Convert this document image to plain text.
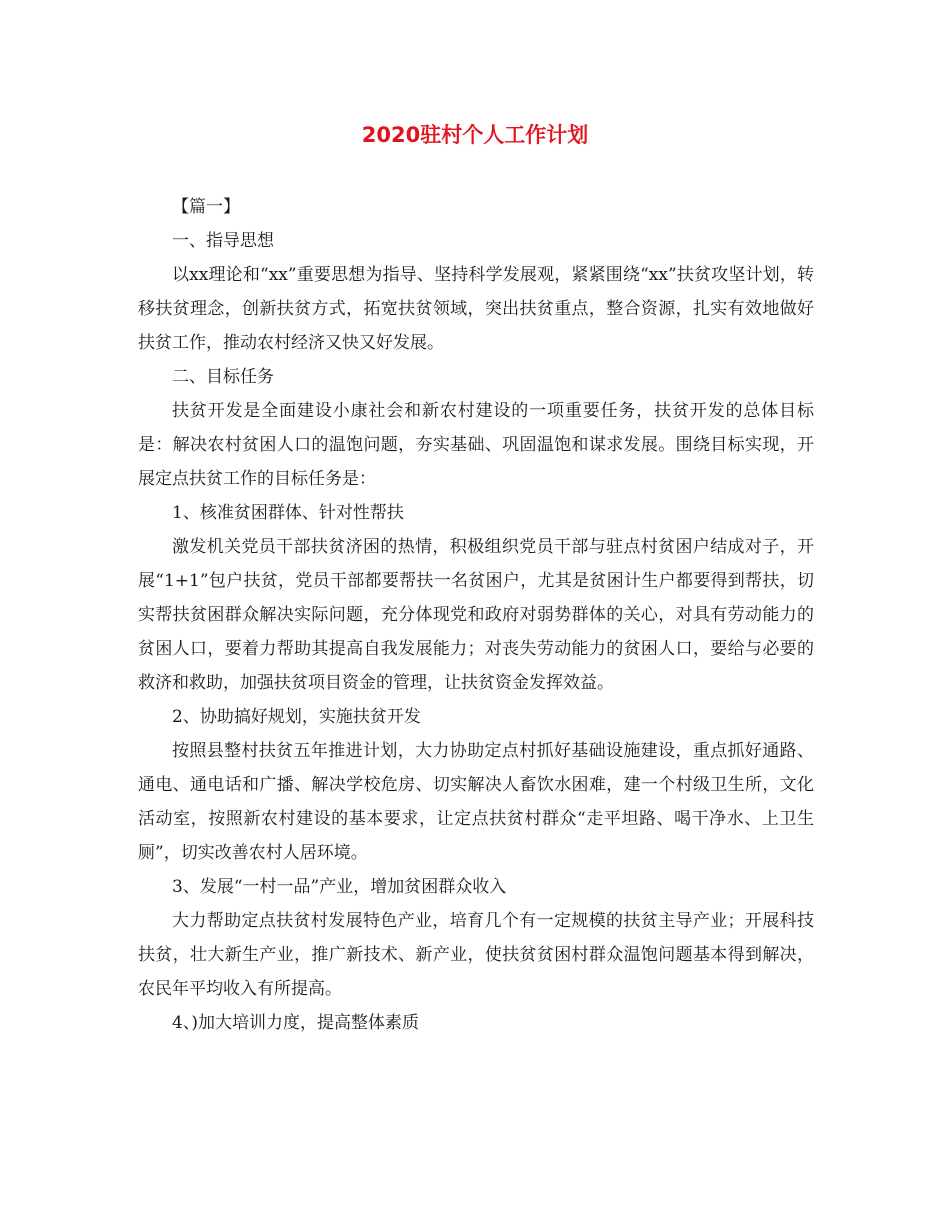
2020驻村个人工作计划

【篇一】

一、指导思想

以xx理论和“xx”重要思想为指导、坚持科学发展观，紧紧围绕“xx”扶贫攻坚计划，转移扶贫理念，创新扶贫方式，拓宽扶贫领域，突出扶贫重点，整合资源，扎实有效地做好扶贫工作，推动农村经济又快又好发展。

二、目标任务

扶贫开发是全面建设小康社会和新农村建设的一项重要任务，扶贫开发的总体目标是：解决农村贫困人口的温饱问题，夯实基础、巩固温饱和谋求发展。围绕目标实现，开展定点扶贫工作的目标任务是：

1、核准贫困群体、针对性帮扶

激发机关党员干部扶贫济困的热情，积极组织党员干部与驻点村贫困户结成对子，开展“1+1”包户扶贫，党员干部都要帮扶一名贫困户，尤其是贫困计生户都要得到帮扶，切实帮扶贫困群众解决实际问题，充分体现党和政府对弱势群体的关心，对具有劳动能力的贫困人口，要着力帮助其提高自我发展能力；对丧失劳动能力的贫困人口，要给与必要的救济和救助，加强扶贫项目资金的管理，让扶贫资金发挥效益。

2、协助搞好规划，实施扶贫开发

按照县整村扶贫五年推进计划，大力协助定点村抓好基础设施建设，重点抓好通路、通电、通电话和广播、解决学校危房、切实解决人畜饮水困难，建一个村级卫生所，文化活动室，按照新农村建设的基本要求，让定点扶贫村群众“走平坦路、喝干净水、上卫生厕”，切实改善农村人居环境。

3、发展“一村一品”产业，增加贫困群众收入

大力帮助定点扶贫村发展特色产业，培育几个有一定规模的扶贫主导产业；开展科技扶贫，壮大新生产业，推广新技术、新产业，使扶贫贫困村群众温饱问题基本得到解决，农民年平均收入有所提高。

4、)加大培训力度，提高整体素质
